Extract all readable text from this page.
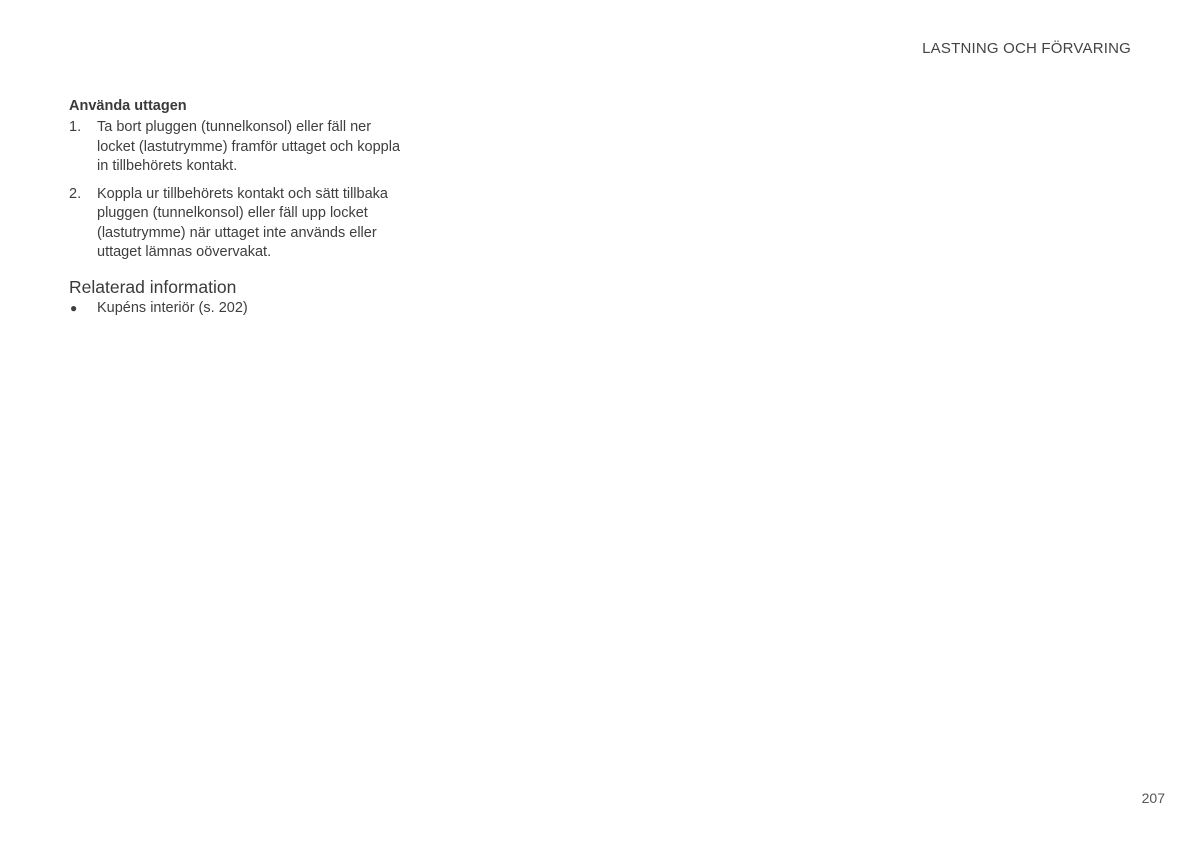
LASTNING OCH FÖRVARING
Använda uttagen
1.	Ta bort pluggen (tunnelkonsol) eller fäll ner locket (lastutrymme) framför uttaget och koppla in tillbehörets kontakt.
2.	Koppla ur tillbehörets kontakt och sätt tillbaka pluggen (tunnelkonsol) eller fäll upp locket (lastutrymme) när uttaget inte används eller uttaget lämnas oövervakat.
Relaterad information
●	Kupéns interiör (s. 202)
207
